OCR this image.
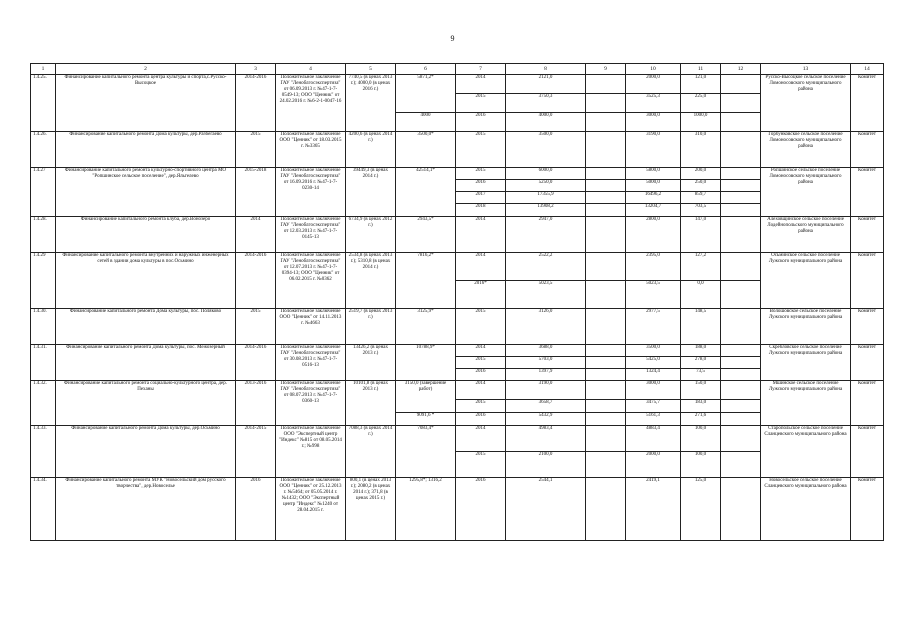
9
1	2	3	4	5	6	7	8	9	10	11	12	13	14
1.4.25.	Финансирование капитального ремонта центра культуры и спорта,с.Русско-Высоцкое	2014-2016	Положительное заключение ГАУ "Леноблгосэкспертиза" от 06.09.2013 г. №47-1-7-0549-13; ООО "Ценник" от 24.02.2016 г. №6-2-1-0047-16	7740,5 (в ценах 2013 г.); 4000,0 (в ценах 2016 г.)	5871,2*	2014	2121,0		2000,0	121,0		Русско-Высоцкое сельское поселение Ломоносовского муниципального района	Комитет
						2015	3750,3		3525,3	225,0			
					4000	2016	4000,0		3000,0	1000,0			
1.4.26.	Финансирование капитального ремонта Дома культуры, дер.Разбегаево	2015	Положительное заключение ООО "Ценник" от 18.03.2015 г. №3365	4200,6 (в ценах 2014 г.)	3500,0*	2015	3500,0		3190,0	310,0		Горбунковское сельское поселение Ломоносовского муниципального района	Комитет
1.4.27	Финансирование капитального ремонта культурно-спортивного центра МО "Ропшинское сельское поселение", дер.Яльгелево	2015-2018	Положительное заключение ГАУ "Леноблгосэкспертиза" от 16.09.2016 г. №47-1-7-0230-14	39449,3 (в ценах 2014 г.)	42514,1*	2015	6000,0		5800,0	200,0		Ропшинское сельское поселение Ломоносовского муниципального района	Комитет
						2016	5250,0		5000,0	250,0			
						2017	17355,9		16496,2	859,7			
						2018	13908,2		13204,7	703,5			
1.4.28.	Финансирование капитального ремонта клуба, дер.Вонозеро	2014	Положительное заключение ГАУ "Леноблгосэкспертиза" от 12.03.2013 г. №47-1-7-0145-13	6734,9 (в ценах 2012 г.)	2943,5*	2014	2947,0		2800,0	147,0		Алеховщинское сельское поселение Лодейнопольского муниципального района	Комитет
1.4.29	Финансирование капитального ремонта внутренних и наружных инженерных сетей в здании дома культуры в пос.Осьмино	2014-2016	Положительное заключение ГАУ "Леноблгосэкспертиза" от 12.07.2013 г. №47-1-7-0394-13; ООО "Ценник" от 06.02.2015 г. №0362	2534,8 (в ценах 2013 г.); 5310,8 (в ценах 2014 г.)	7816,2*	2014	2522,2		2395,0	127,2		Осьминское сельское поселение Лужского муниципального района	Комитет
						2016*	5023,5		5023,5	0,0			
1.4.30.	Финансирование капитального ремонта Дома культуры, пос. Поляково	2015	Положительное заключение ООО "Ценник" от 14.11.2013 г. №4663	2519,7 (в ценах 2013 г.)	3125,9*	2015	3126,0		2977,5	148,5		Волошовское сельское поселение Лужского муниципального района	Комитет
1.4.31.	Финансирование капитального ремонта Дома культуры, пос. Межозерный	2014-2016	Положительное заключение ГАУ "Леноблгосэкспертиза" от 30.08.2013 г. №47-1-7-0516-13	13426,2 (в ценах 2013 г.)	10788,9*	2014	3688,0		3500,0	188,0		Скребловское сельское поселение Лужского муниципального района	Комитет
						2015	5703,0		5425,0	278,0			
						2016	1397,9		1324,4	73,5			
1.4.32.	Финансирование капитального ремонта социально-культурного центра, дер. Пеханы	2013-2016	Положительное заключение ГАУ "Леноблгосэкспертиза" от 08.07.2013 г. №47-1-7-0360-13	10101,8 (в ценах 2013 г.)	3150,0 (завершение работ)	2014	3190,0		3000,0	150,0		Мшинское сельское поселение Лужского муниципального района	Комитет
						2015	3658,7		3475,7	183,0			
					9091,6 *	2016	5432,9		5161,3	271,6			
1.4.33.	Финансирование капитального ремонта Дома культуры, дер.Осьмино	2014-2015	Положительное заключение ООО "Экспертный центр "Индекс" №815 от 08.05.2014 г.; №998	7088,3 (в ценах 2014 г.)	7083,4*	2014	4983,4		4883,4	100,0		Старопольское сельское поселение Сланцевского муниципального района	Комитет
						2015	2100,0		2000,0	100,0			
1.4.34.	Финансирование капитального ремонта МУК "Новосельский дом русского творчества", дер.Новоселье	2016	Положительное заключение ООО "Ценник" от 25.12.2013 г. №5464; от 05.05.2014 г. №1432; ООО "Экспертный центр "Индекс" №1240 от 28.04.2015 г.	800,1 (в ценах 2013 г.); 2080,2 (в ценах 2014 г.); 371,8 (в ценах 2015 г.)	1295,8*; 1316,2	2016	2544,1		2419,1	125,0		Новосельское сельское поселение Сланцевского муниципального района	Комитет
